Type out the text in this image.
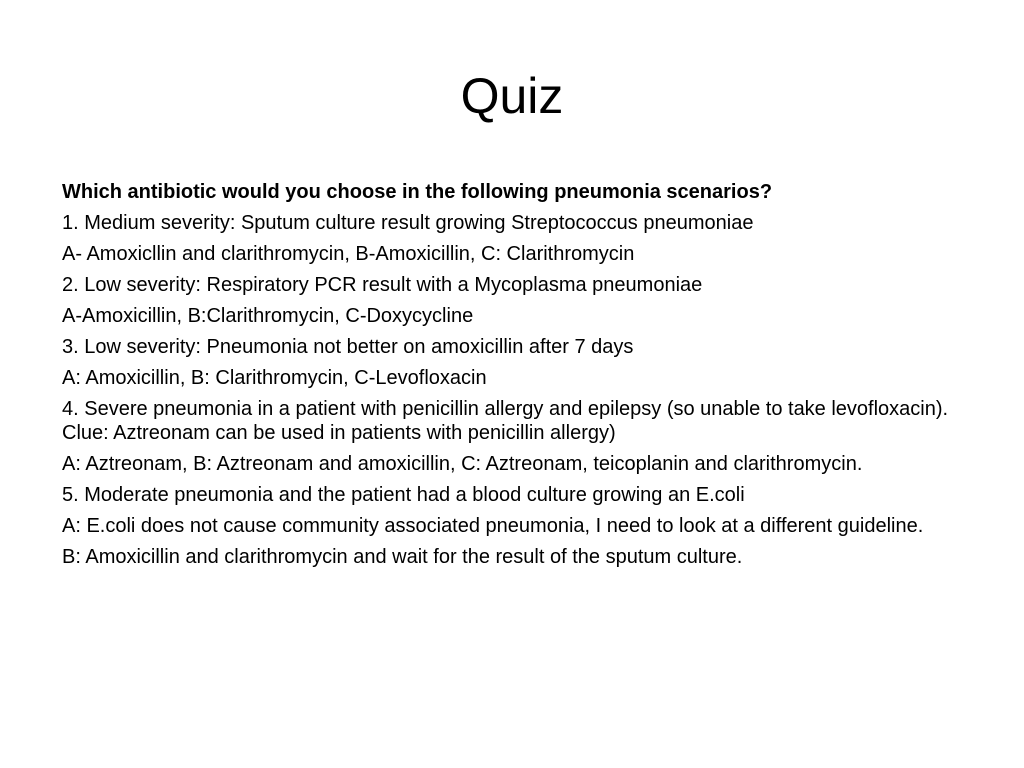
Quiz

Which antibiotic would you choose in the following pneumonia scenarios?

1. Medium severity: Sputum culture result growing Streptococcus pneumoniae

A- Amoxicllin and clarithromycin, B-Amoxicillin, C: Clarithromycin

2. Low severity: Respiratory PCR result with a Mycoplasma pneumoniae

A-Amoxicillin, B:Clarithromycin, C-Doxycycline

3. Low severity: Pneumonia not better on amoxicillin after 7 days

A: Amoxicillin, B: Clarithromycin, C-Levofloxacin

4. Severe pneumonia in a patient with penicillin allergy and epilepsy (so unable to take levofloxacin). Clue: Aztreonam can be used in patients with penicillin allergy)

A: Aztreonam, B: Aztreonam and amoxicillin, C: Aztreonam, teicoplanin and clarithromycin.

5. Moderate pneumonia and the patient had a blood culture growing an E.coli

A: E.coli does not cause community associated pneumonia, I need to look at a different guideline.

B: Amoxicillin and clarithromycin and wait for the result of the sputum culture.
